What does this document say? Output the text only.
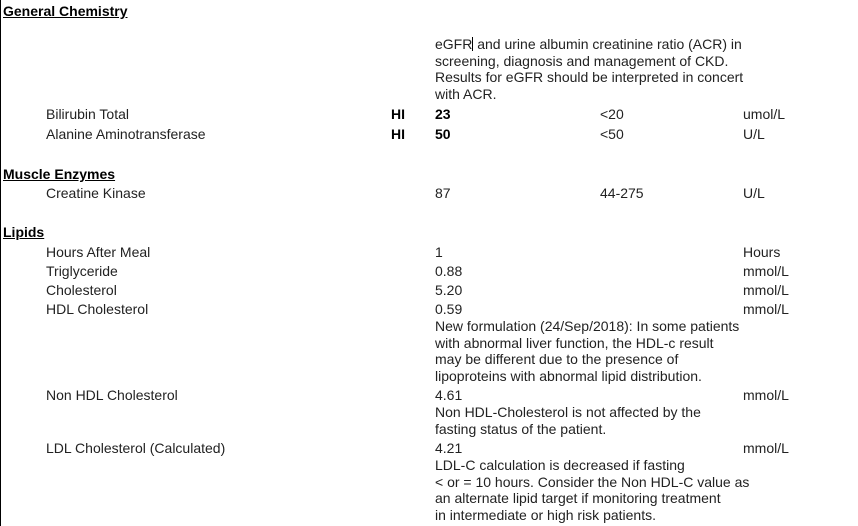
General Chemistry
eGFR and urine albumin creatinine ratio (ACR) in
screening, diagnosis and management of CKD.
Results for eGFR should be interpreted in concert
with ACR.
Bilirubin Total	HI 23	<20	umol/L
Alanine Aminotransferase	HI 50	<50	U/L
Muscle Enzymes
Creatine Kinase	87	44-275	U/L
Lipids
Hours After Meal	1	Hours
Triglyceride	0.88	mmol/L
Cholesterol	5.20	mmol/L
HDL Cholesterol	0.59	mmol/L
New formulation (24/Sep/2018): In some patients
with abnormal liver function, the HDL-c result
may be different due to the presence of
lipoproteins with abnormal lipid distribution.
Non HDL Cholesterol	4.61	mmol/L
Non HDL-Cholesterol is not affected by the
fasting status of the patient.
LDL Cholesterol (Calculated)	4.21	mmol/L
LDL-C calculation is decreased if fasting
< or = 10 hours. Consider the Non HDL-C value as
an alternate lipid target if monitoring treatment
in intermediate or high risk patients.
